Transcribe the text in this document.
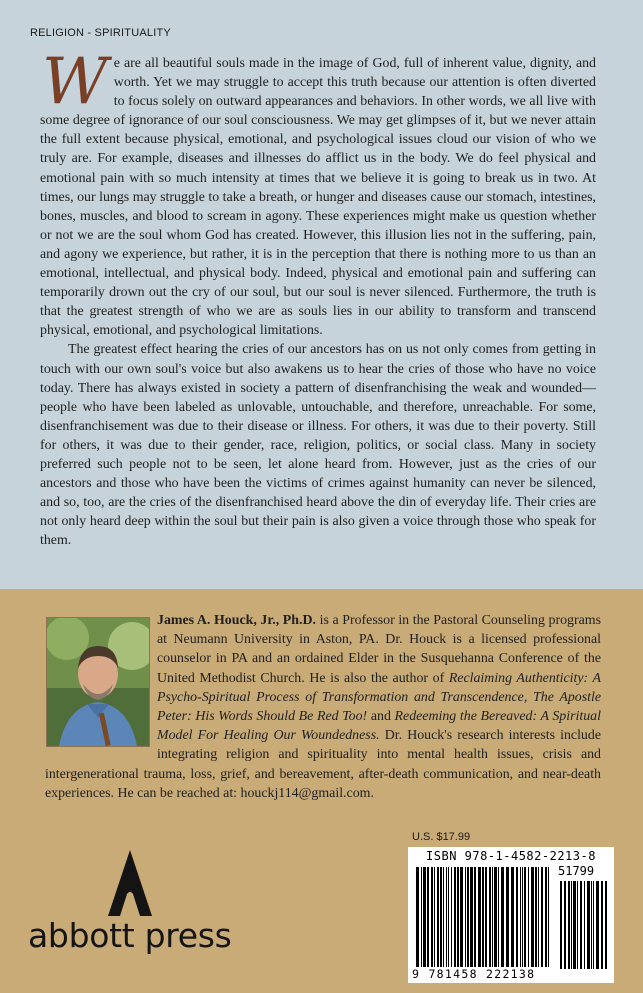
RELIGION - SPIRITUALITY

We are all beautiful souls made in the image of God, full of inherent value, dignity, and worth. Yet we may struggle to accept this truth because our attention is often diverted to focus solely on outward appearances and behaviors. In other words, we all live with some degree of ignorance of our soul consciousness. We may get glimpses of it, but we never attain the full extent because physical, emotional, and psychological issues cloud our vision of who we truly are. For example, diseases and illnesses do afflict us in the body. We do feel physical and emotional pain with so much intensity at times that we believe it is going to break us in two. At times, our lungs may struggle to take a breath, or hunger and diseases cause our stomach, intestines, bones, muscles, and blood to scream in agony. These experiences might make us question whether or not we are the soul whom God has created. However, this illusion lies not in the suffering, pain, and agony we experience, but rather, it is in the perception that there is nothing more to us than an emotional, intellectual, and physical body. Indeed, physical and emotional pain and suffering can temporarily drown out the cry of our soul, but our soul is never silenced. Furthermore, the truth is that the greatest strength of who we are as souls lies in our ability to transform and transcend physical, emotional, and psychological limitations.

The greatest effect hearing the cries of our ancestors has on us not only comes from getting in touch with our own soul's voice but also awakens us to hear the cries of those who have no voice today. There has always existed in society a pattern of disenfranchising the weak and wounded—people who have been labeled as unlovable, untouchable, and therefore, unreachable. For some, disenfranchisement was due to their disease or illness. For others, it was due to their poverty. Still for others, it was due to their gender, race, religion, politics, or social class. Many in society preferred such people not to be seen, let alone heard from. However, just as the cries of our ancestors and those who have been the victims of crimes against humanity can never be silenced, and so, too, are the cries of the disenfranchised heard above the din of everyday life. Their cries are not only heard deep within the soul but their pain is also given a voice through those who speak for them.

James A. Houck, Jr., Ph.D. is a Professor in the Pastoral Counseling programs at Neumann University in Aston, PA. Dr. Houck is a licensed professional counselor in PA and an ordained Elder in the Susquehanna Conference of the United Methodist Church. He is also the author of Reclaiming Authenticity: A Psycho-Spiritual Process of Transformation and Transcendence, The Apostle Peter: His Words Should Be Red Too! and Redeeming the Bereaved: A Spiritual Model For Healing Our Woundedness. Dr. Houck's research interests include integrating religion and spirituality into mental health issues, crisis and intergenerational trauma, loss, grief, and bereavement, after-death communication, and near-death experiences. He can be reached at: houckj114@gmail.com.
U.S. $17.99
ISBN 978-1-4582-2213-8
51799
9 781458 222138
abbott press
